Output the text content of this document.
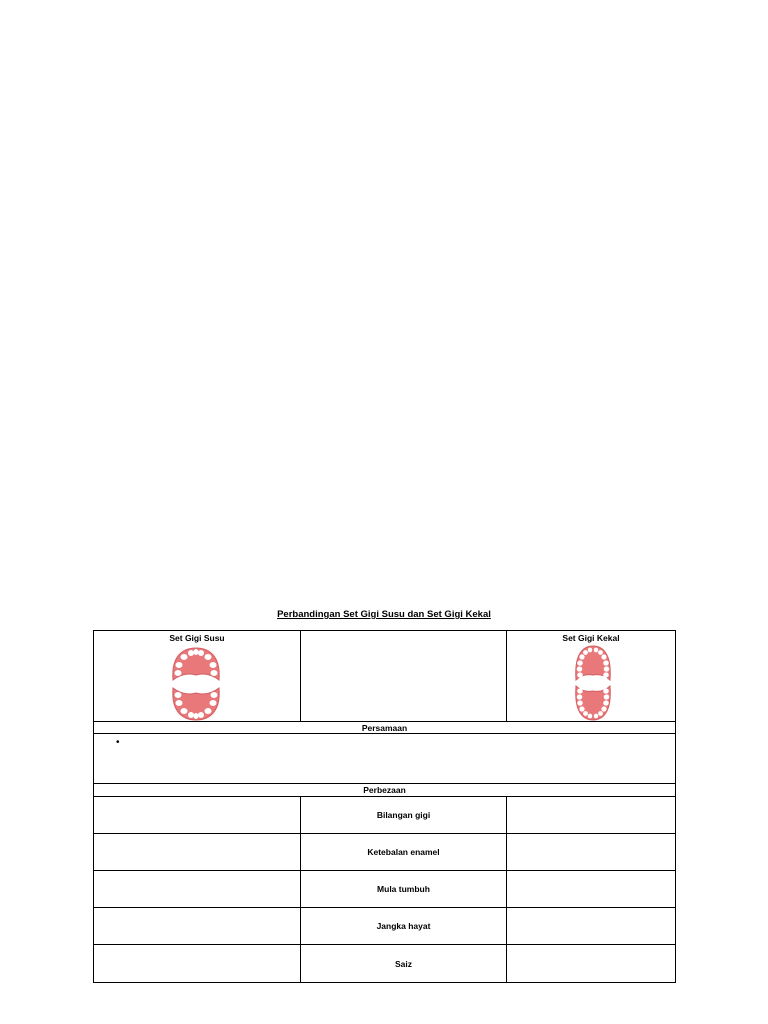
Perbandingan Set Gigi Susu dan Set Gigi Kekal
Set Gigi Susu	Set Gigi Kekal
Persamaan
•
Perbezaan
Bilangan gigi
Ketebalan enamel
Mula tumbuh
Jangka hayat
Saiz
